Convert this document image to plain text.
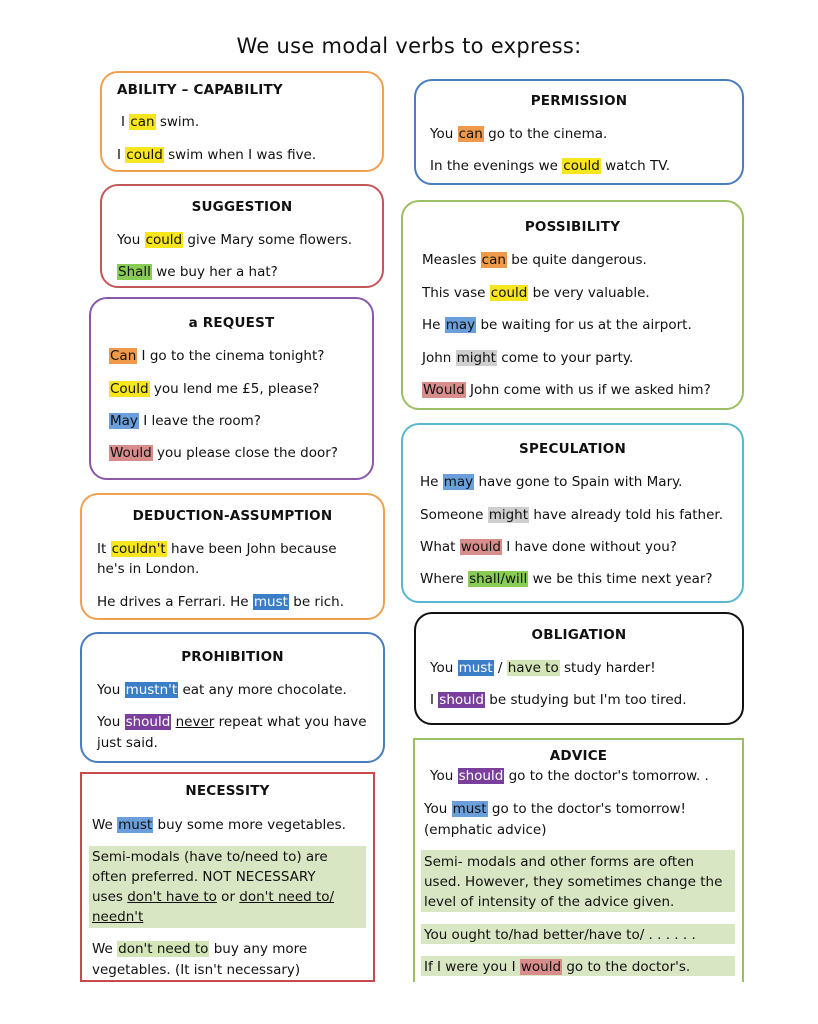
We use modal verbs to express:
ABILITY – CAPABILITY
I can swim.
I could swim when I was five.
PERMISSION
You can go to the cinema.
In the evenings we could watch TV.
SUGGESTION
You could give Mary some flowers.
Shall we buy her a hat?
POSSIBILITY
Measles can be quite dangerous.
This vase could be very valuable.
He may be waiting for us at the airport.
John might come to your party.
Would John come with us if we asked him?
a REQUEST
Can I go to the cinema tonight?
Could you lend me £5, please?
May I leave the room?
Would you please close the door?	SPECULATION
He may have gone to Spain with Mary.
Someone might have already told his father.
What would I have done without you?
Where shall/will we be this time next year?
DEDUCTION-ASSUMPTION
It couldn't have been John because
he's in London.
He drives a Ferrari. He must be rich.
OBLIGATION
You must / have to study harder!
I should be studying but I'm too tired.
PROHIBITION
You mustn't eat any more chocolate.
You should never repeat what you have
just said.
ADVICE
You should go to the doctor's tomorrow. .
You must go to the doctor's tomorrow!
(emphatic advice)
Semi- modals and other forms are often
used. However, they sometimes change the
level of intensity of the advice given.
You ought to/had better/have to/ . . . . . .
If I were you I would go to the doctor's.
NECESSITY
We must buy some more vegetables.
Semi-modals (have to/need to) are
often preferred. NOT NECESSARY
uses don't have to or don't need to/
needn't
We don't need to buy any more
vegetables. (It isn't necessary)
